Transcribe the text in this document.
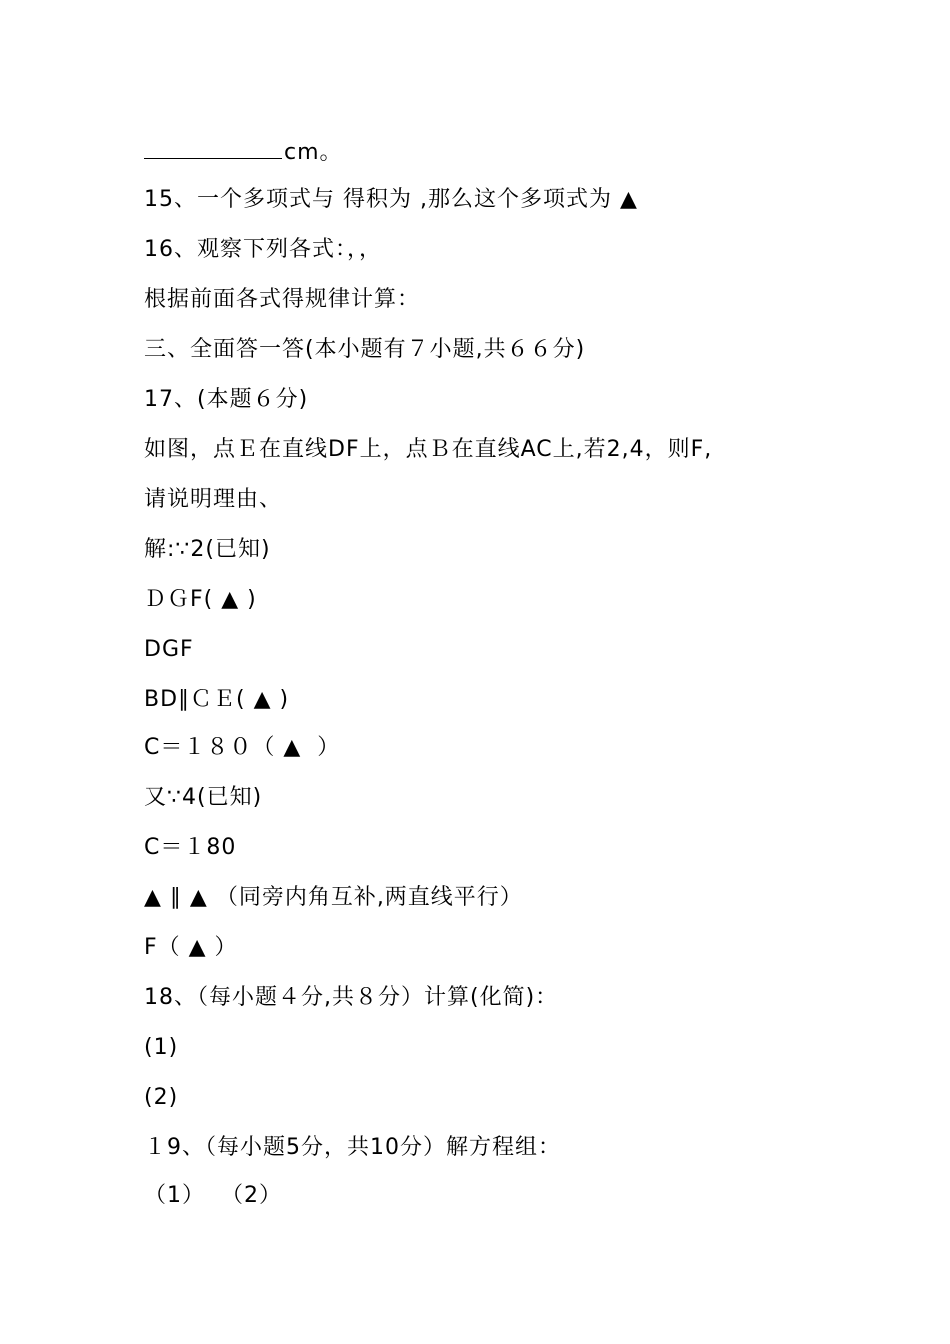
cm。
15、一个多项式与 得积为 ,那么这个多项式为 ▲
16、观察下列各式：，，
根据前面各式得规律计算：
三、全面答一答(本小题有７小题,共６６分)
17、(本题６分)
如图，点Ｅ在直线DF上，点Ｂ在直线AC上,若2,4，则F,
请说明理由、
解:∵2(已知)
ＤＧF( ▲ )
DGF
BD∥ＣＥ( ▲ )
C＝１８０（ ▲  ）
又∵4(已知)
C＝１80
▲ ∥ ▲ （同旁内角互补,两直线平行）
F（ ▲ ）
18、（每小题４分,共８分）计算(化简)：
(1)
(2)
１9、（每小题5分，共10分）解方程组：
（1）  （2）
